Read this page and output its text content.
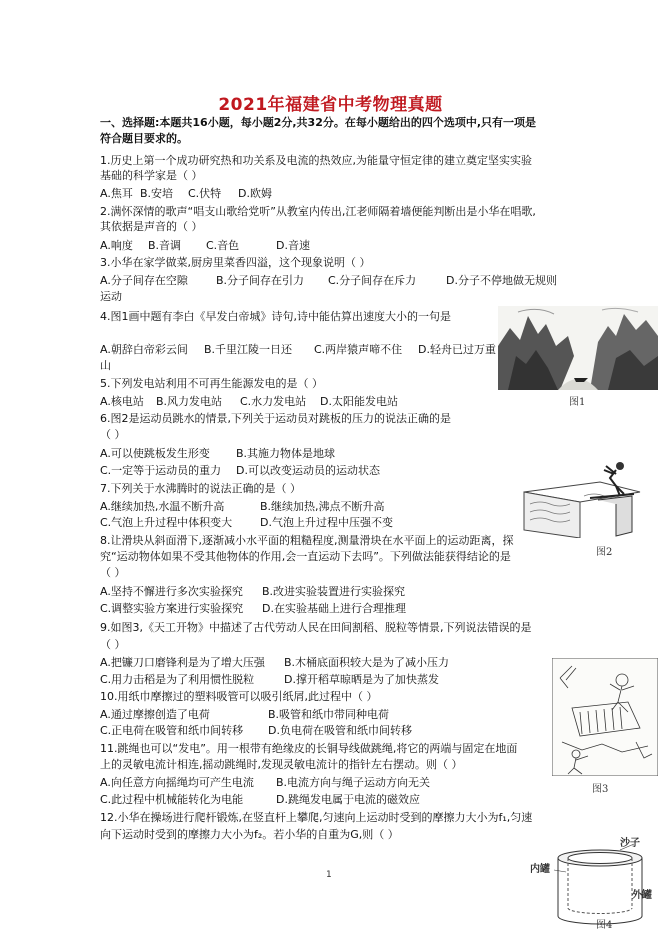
2021年福建省中考物理真题
一、选择题:本题共16小题，每小题2分,共32分。在每小题给出的四个选项中,只有一项是
符合题目要求的。
1.历史上第一个成功研究热和功关系及电流的热效应,为能量守恒定律的建立奠定坚实实验
基础的科学家是（ ）
A.焦耳 B.安培 C.伏特 D.欧姆
2.满怀深情的歌声“唱支山歌给党听”从教室内传出,江老师隔着墙便能判断出是小华在唱歌,
其依据是声音的（ ）
A.响度 B.音调 C.音色	D.音速
3.小华在家学做菜,厨房里菜香四溢，这个现象说明（ ）
A.分子间存在空隙	B.分子间存在引力 C.分子间存在斥力	D.分子不停地做无规则
运动
4.图1画中题有李白《早发白帝城》诗句,诗中能估算出速度大小的一句是
A.朝辞白帝彩云间 B.千里江陵一日还 C.两岸猿声啼不住 D.轻舟已过万重
山
5.下列发电站利用不可再生能源发电的是（ ）
A.核电站 B.风力发电站 C.水力发电站 D.太阳能发电站
6.图2是运动员跳水的情景,下列关于运动员对跳板的压力的说法正确的是
（ ）
A.可以使跳板发生形变 B.其施力物体是地球
C.一定等于运动员的重力 D.可以改变运动员的运动状态
7.下列关于水沸腾时的说法正确的是（ ）
A.继续加热,水温不断升高	B.继续加热,沸点不断升高
C.气泡上升过程中体积变大	D.气泡上升过程中压强不变
8.让滑块从斜面滑下,逐渐减小水平面的粗糙程度,测量滑块在水平面上的运动距离，探
究“运动物体如果不受其他物体的作用,会一直运动下去吗”。下列做法能获得结论的是
（ ）
A.坚持不懈进行多次实验探究 B.改进实验装置进行实验探究
C.调整实验方案进行实验探究 D.在实验基础上进行合理推理
9.如图3,《天工开物》中描述了古代劳动人民在田间割稻、脱粒等情景,下列说法错误的是
（ ）
A.把镰刀口磨锋利是为了增大压强 B.木桶底面积较大是为了减小压力
C.用力击稻是为了利用惯性脱粒	D.撑开稻草晾晒是为了加快蒸发
10.用纸巾摩擦过的塑料吸管可以吸引纸屑,此过程中（ ）
A.通过摩擦创造了电荷	B.吸管和纸巾带同种电荷
C.正电荷在吸管和纸巾间转移 D.负电荷在吸管和纸巾间转移
11.跳绳也可以“发电”。用一根带有绝缘皮的长铜导线做跳绳,将它的两端与固定在地面
上的灵敏电流计相连,摇动跳绳时,发现灵敏电流计的指针左右摆动。则（ ）
A.向任意方向摇绳均可产生电流 B.电流方向与绳子运动方向无关
C.此过程中机械能转化为电能	D.跳绳发电属于电流的磁效应
12.小华在操场进行爬杆锻炼,在竖直杆上攀爬,匀速向上运动时受到的摩擦力大小为f₁,匀速
向下运动时受到的摩擦力大小为f₂。若小华的自重为G,则（ ）
图1
图2
图3
沙子
内罐
外罐
图4
1
